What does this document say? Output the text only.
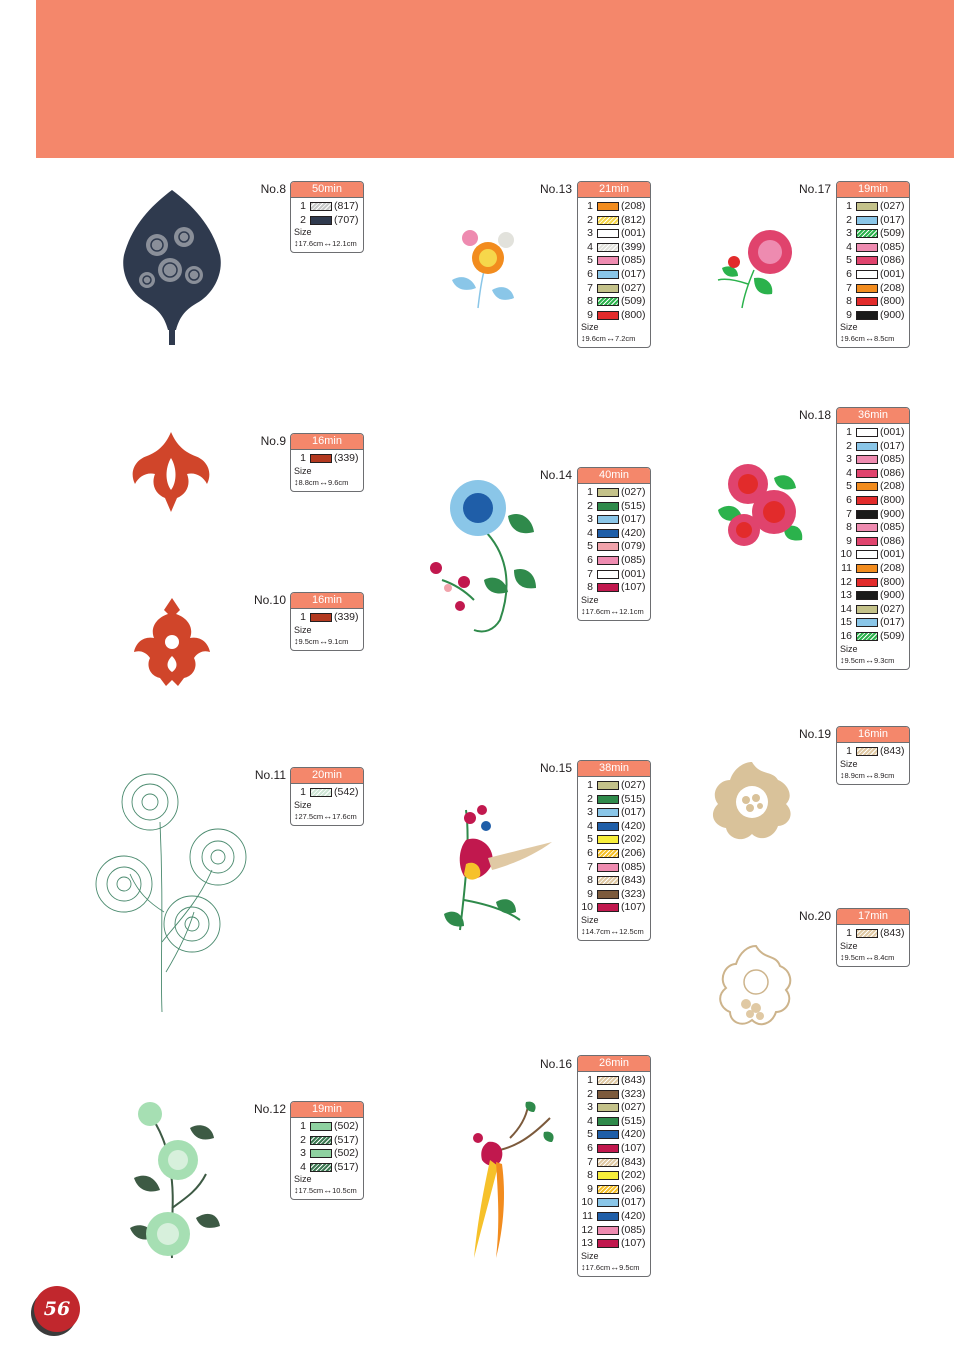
No.8	50min
1	(817)
2	(707)
Size
↕17.6cm↔12.1cm
No.9	16min
1	(339)
Size
↕8.8cm↔9.6cm
No.10	16min
1	(339)
Size
↕9.5cm↔9.1cm
No.11	20min
1	(542)
Size
↕27.5cm↔17.6cm
No.12	19min
1	(502)
2	(517)
3	(502)
4	(517)
Size
↕17.5cm↔10.5cm
No.13	21min
1	(208)
2	(812)
3	(001)
4	(399)
5	(085)
6	(017)
7	(027)
8	(509)
9	(800)
Size
↕9.6cm↔7.2cm
No.14	40min
1	(027)
2	(515)
3	(017)
4	(420)
5	(079)
6	(085)
7	(001)
8	(107)
Size
↕17.6cm↔12.1cm
No.15	38min
1	(027)
2	(515)
3	(017)
4	(420)
5	(202)
6	(206)
7	(085)
8	(843)
9	(323)
10	(107)
Size
↕14.7cm↔12.5cm
No.16	26min
1	(843)
2	(323)
3	(027)
4	(515)
5	(420)
6	(107)
7	(843)
8	(202)
9	(206)
10	(017)
11	(420)
12	(085)
13	(107)
Size
↕17.6cm↔9.5cm
No.17	19min
1	(027)
2	(017)
3	(509)
4	(085)
5	(086)
6	(001)
7	(208)
8	(800)
9	(900)
Size
↕9.6cm↔8.5cm
No.18	36min
1	(001)
2	(017)
3	(085)
4	(086)
5	(208)
6	(800)
7	(900)
8	(085)
9	(086)
10	(001)
11	(208)
12	(800)
13	(900)
14	(027)
15	(017)
16	(509)
Size
↕9.5cm↔9.3cm
No.19	16min
1	(843)
Size
↕8.9cm↔8.9cm
No.20	17min
1	(843)
Size
↕9.5cm↔8.4cm
56
